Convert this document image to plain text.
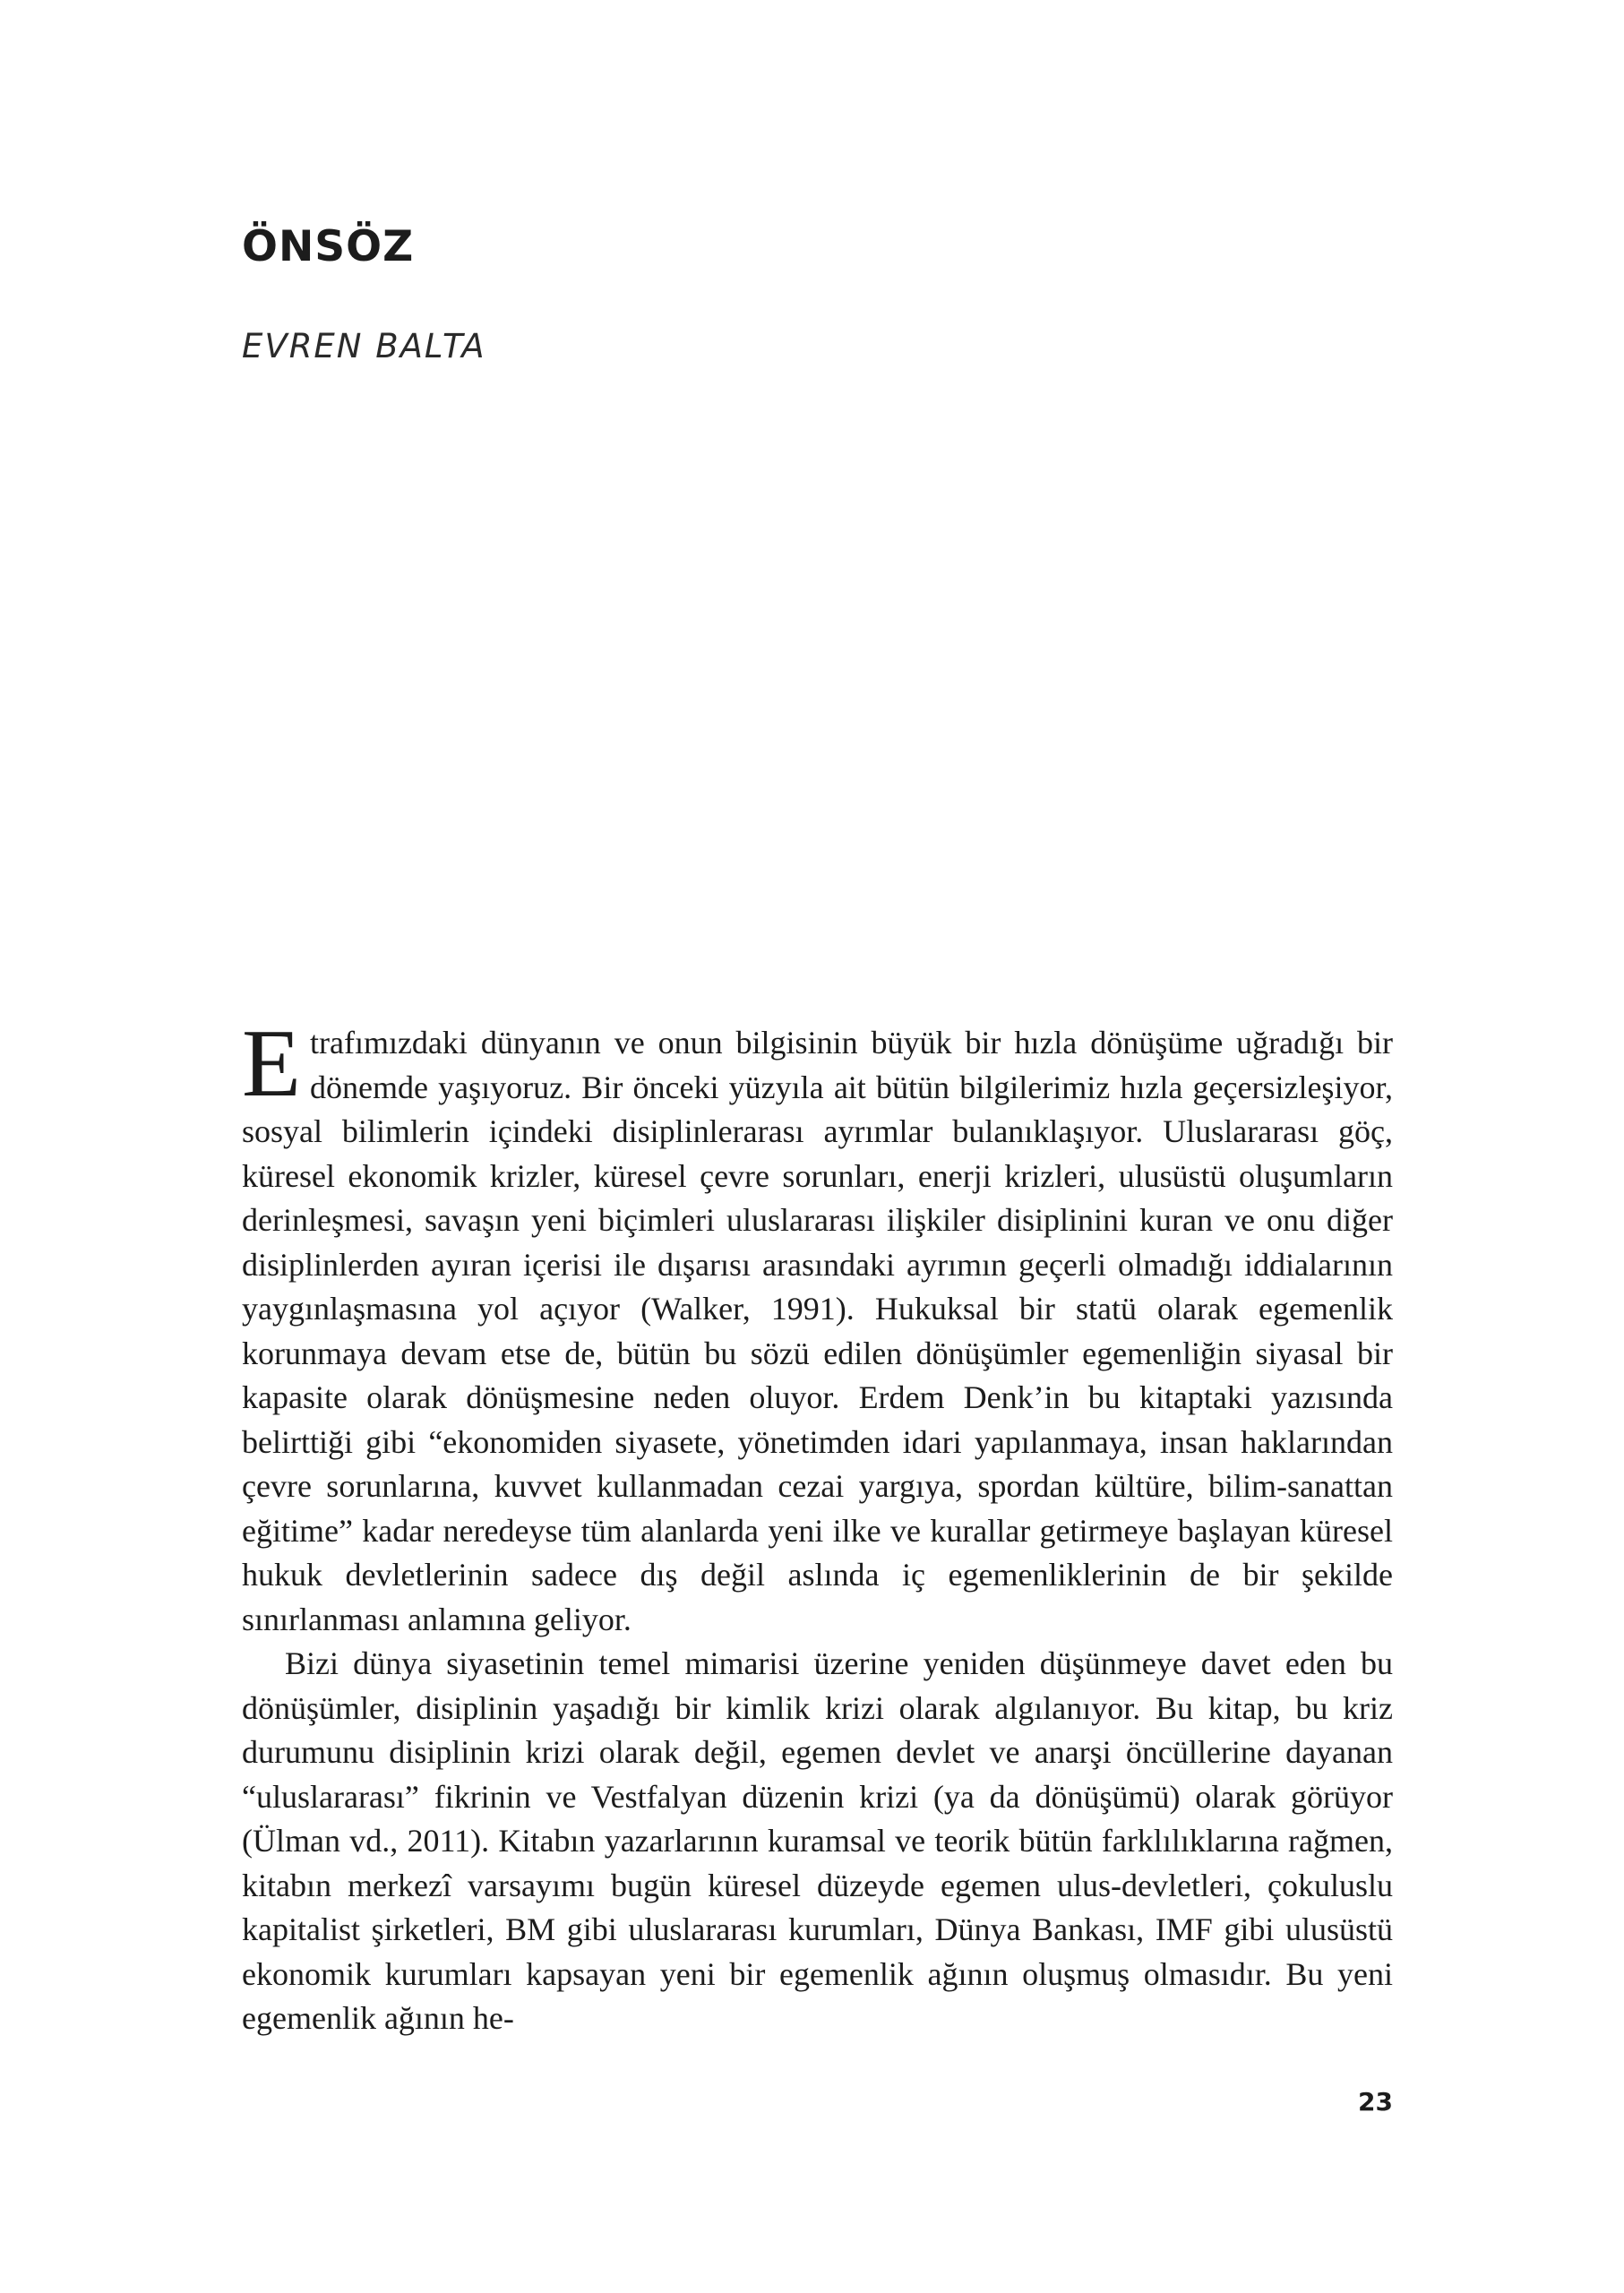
ÖNSÖZ
EVREN BALTA

Etrafımızdaki dünyanın ve onun bilgisinin büyük bir hızla dönüşüme uğradığı bir dönemde yaşıyoruz. Bir önceki yüzyıla ait bütün bilgilerimiz hızla geçersizleşiyor, sosyal bilimlerin içindeki disiplinlerarası ayrımlar bulanıklaşıyor. Uluslararası göç, küresel ekonomik krizler, küresel çevre sorunları, enerji krizleri, ulusüstü oluşumların derinleşmesi, savaşın yeni biçimleri uluslararası ilişkiler disiplinini kuran ve onu diğer disiplinlerden ayıran içerisi ile dışarısı arasındaki ayrımın geçerli olmadığı iddialarının yaygınlaşmasına yol açıyor (Walker, 1991). Hukuksal bir statü olarak egemenlik korunmaya devam etse de, bütün bu sözü edilen dönüşümler egemenliğin siyasal bir kapasite olarak dönüşmesine neden oluyor. Erdem Denk’in bu kitaptaki yazısında belirttiği gibi “ekonomiden siyasete, yönetimden idari yapılanmaya, insan haklarından çevre sorunlarına, kuvvet kullanmadan cezai yargıya, spordan kültüre, bilim-sanattan eğitime” kadar neredeyse tüm alanlarda yeni ilke ve kurallar getirmeye başlayan küresel hukuk devletlerinin sadece dış değil aslında iç egemenliklerinin de bir şekilde sınırlanması anlamına geliyor.

Bizi dünya siyasetinin temel mimarisi üzerine yeniden düşünmeye davet eden bu dönüşümler, disiplinin yaşadığı bir kimlik krizi olarak algılanıyor. Bu kitap, bu kriz durumunu disiplinin krizi olarak değil, egemen devlet ve anarşi öncüllerine dayanan “uluslararası” fikrinin ve Vestfalyan düzenin krizi (ya da dönüşümü) olarak görüyor (Ülman vd., 2011). Kitabın yazarlarının kuramsal ve teorik bütün farklılıklarına rağmen, kitabın merkezî varsayımı bugün küresel düzeyde egemen ulus-devletleri, çokuluslu kapitalist şirketleri, BM gibi uluslararası kurumları, Dünya Bankası, IMF gibi ulusüstü ekonomik kurumları kapsayan yeni bir egemenlik ağının oluşmuş olmasıdır. Bu yeni egemenlik ağının he-

23
